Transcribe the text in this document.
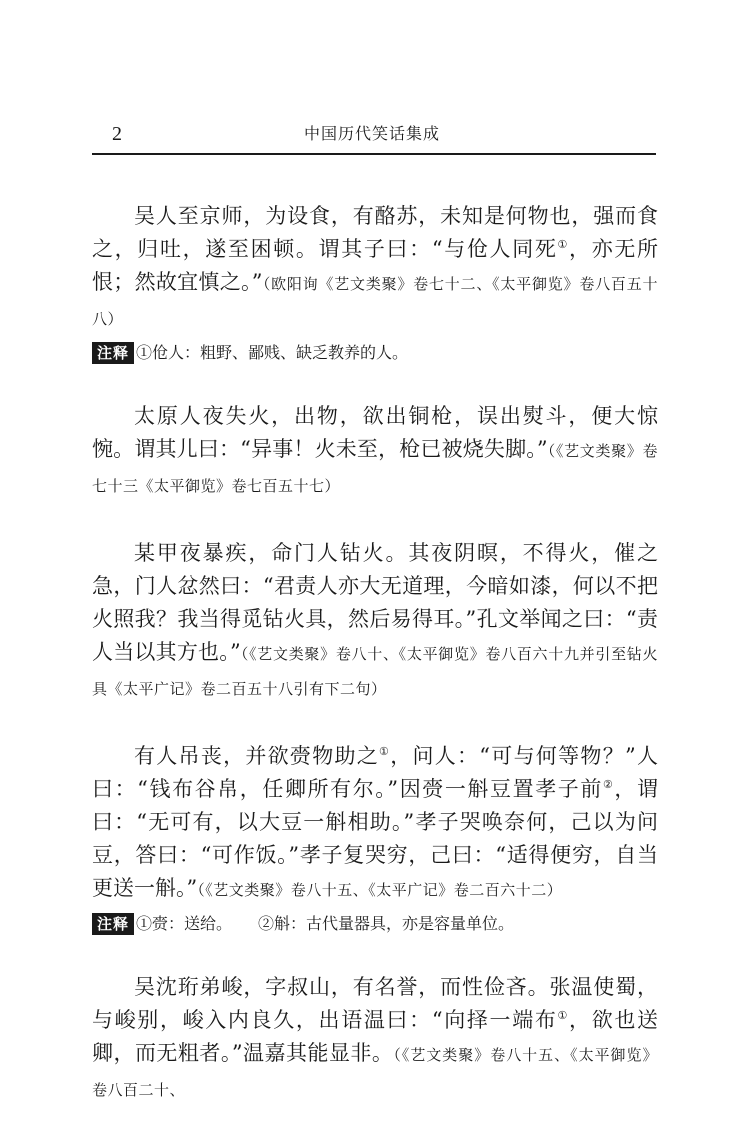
2	中国历代笑话集成

吴人至京师，为设食，有酪苏，未知是何物也，强而食之，归吐，遂至困顿。谓其子曰：“与伧人同死①，亦无所恨；然故宜慎之。”（欧阳询《艺文类聚》卷七十二、《太平御览》卷八百五十八）

注释 ①伧人：粗野、鄙贱、缺乏教养的人。

太原人夜失火，出物，欲出铜枪，误出熨斗，便大惊惋。谓其儿曰：“异事！火未至，枪已被烧失脚。”（《艺文类聚》卷七十三《太平御览》卷七百五十七）

某甲夜暴疾，命门人钻火。其夜阴暝，不得火，催之急，门人忿然曰：“君责人亦大无道理，今暗如漆，何以不把火照我？我当得觅钻火具，然后易得耳。”孔文举闻之曰：“责人当以其方也。”（《艺文类聚》卷八十、《太平御览》卷八百六十九并引至钻火具《太平广记》卷二百五十八引有下二句）

有人吊丧，并欲赍物助之①，问人：“可与何等物？”人曰：“钱布谷帛，任卿所有尔。”因赍一斛豆置孝子前②，谓曰：“无可有，以大豆一斛相助。”孝子哭唤奈何，己以为问豆，答曰：“可作饭。”孝子复哭穷，己曰：“适得便穷，自当更送一斛。”（《艺文类聚》卷八十五、《太平广记》卷二百六十二）

注释 ①赍：送给。 ②斛：古代量器具，亦是容量单位。

吴沈珩弟峻，字叔山，有名誉，而性俭吝。张温使蜀，与峻别，峻入内良久，出语温曰：“向择一端布①，欲也送卿，而无粗者。”温嘉其能显非。（《艺文类聚》卷八十五、《太平御览》卷八百二十、
